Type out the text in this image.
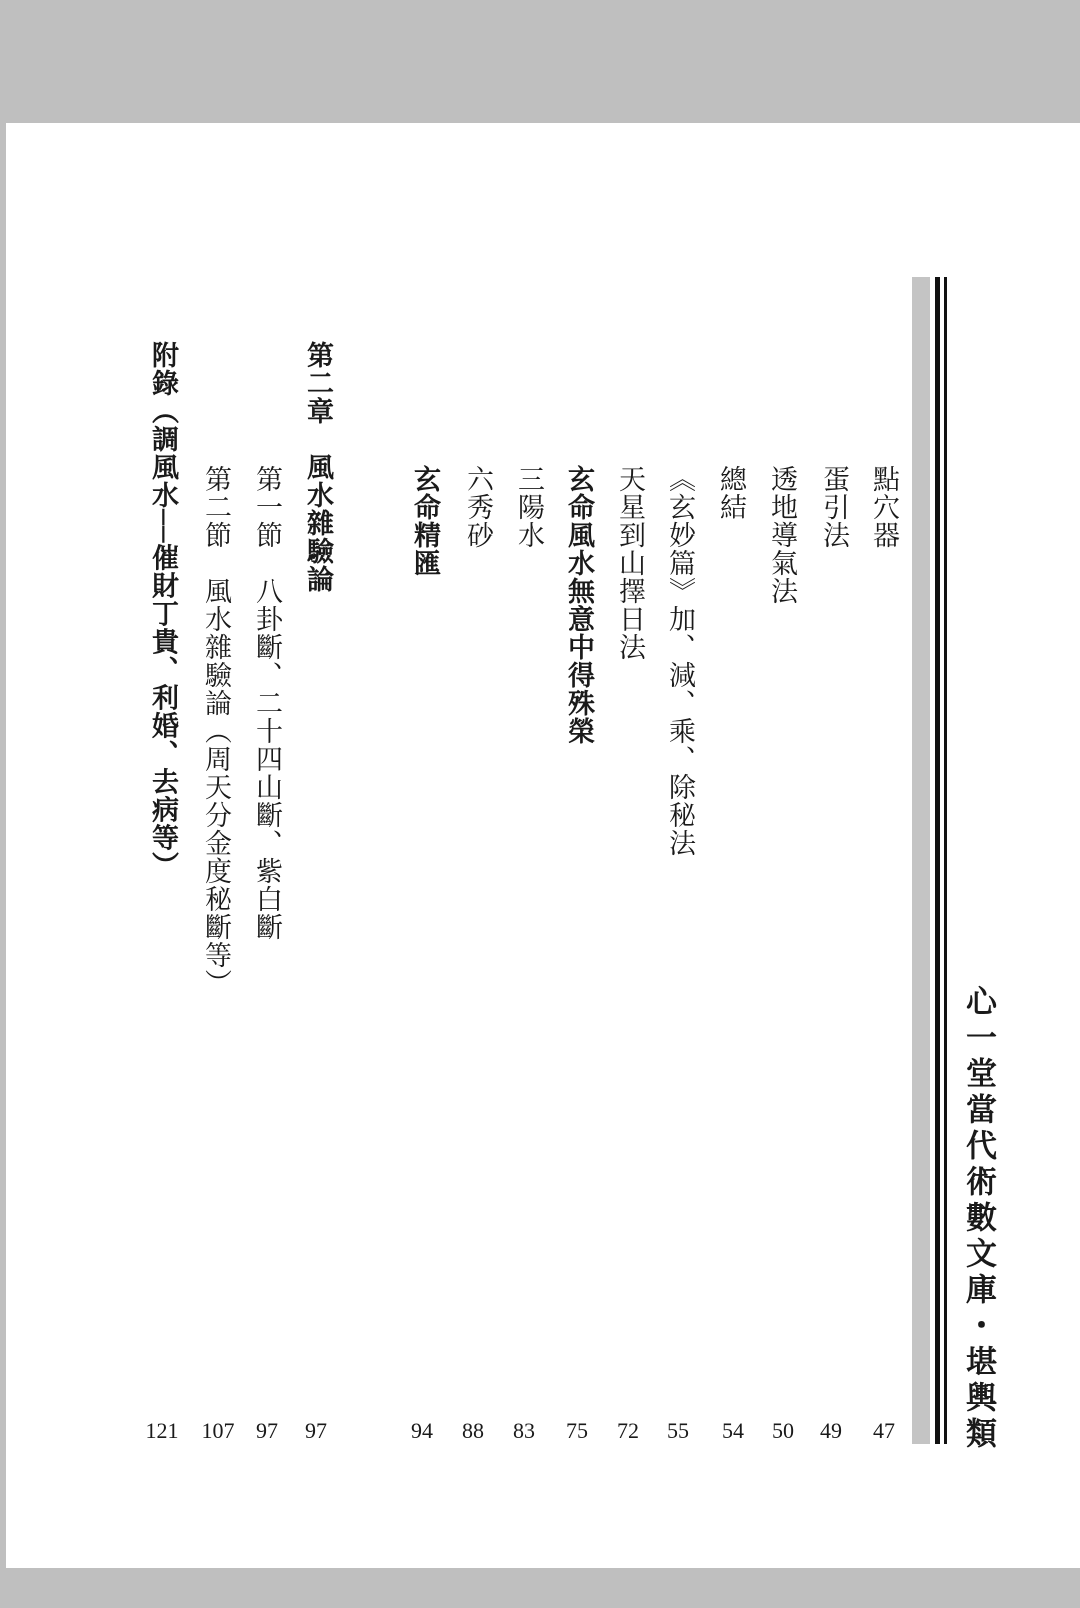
心一堂當代術數文庫・堪輿類
點穴器
47
蛋引法
49
透地導氣法
50
總結
54
《玄妙篇》加、減、乘、除秘法
55
天星到山擇日法
72
玄命風水無意中得殊榮
75
三陽水
83
六秀砂
88
玄命精匯
94
第二章　風水雜驗論
97
第一節　八卦斷、二十四山斷、紫白斷
97
第二節　風水雜驗論（周天分金度秘斷等）
107
附錄（調風水──催財丁貴、利婚、去病等）
121
